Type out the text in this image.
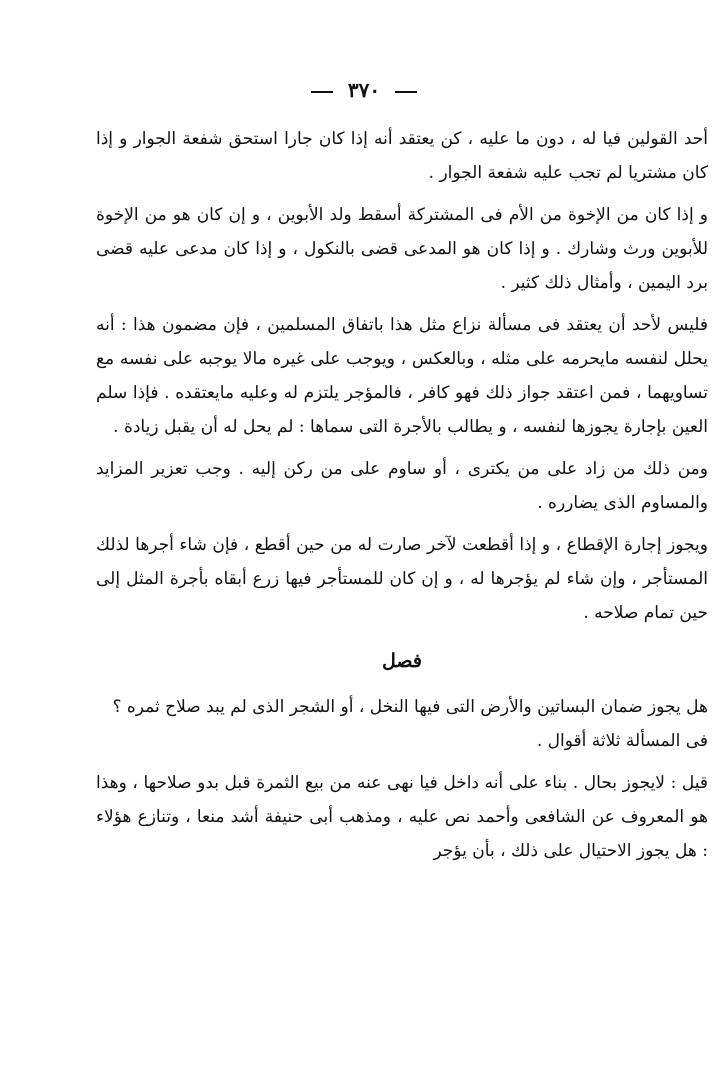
٣٧٠

أحد القولين فيا له ، دون ما عليه ، كن يعتقد أنه إذا كان جارا استحق شفعة الجوار و إذا كان مشتريا لم تجب عليه شفعة الجوار .

و إذا كان من الإخوة من الأم فى المشتركة أسقط ولد الأبوين ، و إن كان هو من الإخوة للأبوين ورث وشارك . و إذا كان هو المدعى قضى بالنكول ، و إذا كان مدعى عليه قضى برد اليمين ، وأمثال ذلك كثير .

فليس لأحد أن يعتقد فى مسألة نزاع مثل هذا باتفاق المسلمين ، فإن مضمون هذا : أنه يحلل لنفسه مايحرمه على مثله ، وبالعكس ، ويوجب على غيره مالا يوجبه على نفسه مع تساويهما ، فمن اعتقد جواز ذلك فهو كافر ، فالمؤجر يلتزم له وعليه مايعتقده . فإذا سلم العين بإجارة يجوزها لنفسه ، و يطالب بالأجرة التى سماها : لم يحل له أن يقبل زيادة .

ومن ذلك من زاد على من يكترى ، أو ساوم على من ركن إليه . وجب تعزير المزايد والمساوم الذى يضارره .

ويجوز إجارة الإقطاع ، و إذا أقطعت لآخر صارت له من حين أقطع ، فإن شاء أجرها لذلك المستأجر ، وإن شاء لم يؤجرها له ، و إن كان للمستأجر فيها زرع أبقاه بأجرة المثل إلى حين تمام صلاحه .

فصل

هل يجوز ضمان البساتين والأرض التى فيها النخل ، أو الشجر الذى لم يبد صلاح ثمره ؟

فى المسألة ثلاثة أقوال .

قيل : لايجوز بحال . بناء على أنه داخل فيا نهى عنه من بيع الثمرة قبل بدو صلاحها ، وهذا هو المعروف عن الشافعى وأحمد نص عليه ، ومذهب أبى حنيفة أشد منعا ، وتنازع هؤلاء : هل يجوز الاحتيال على ذلك ، بأن يؤجر
